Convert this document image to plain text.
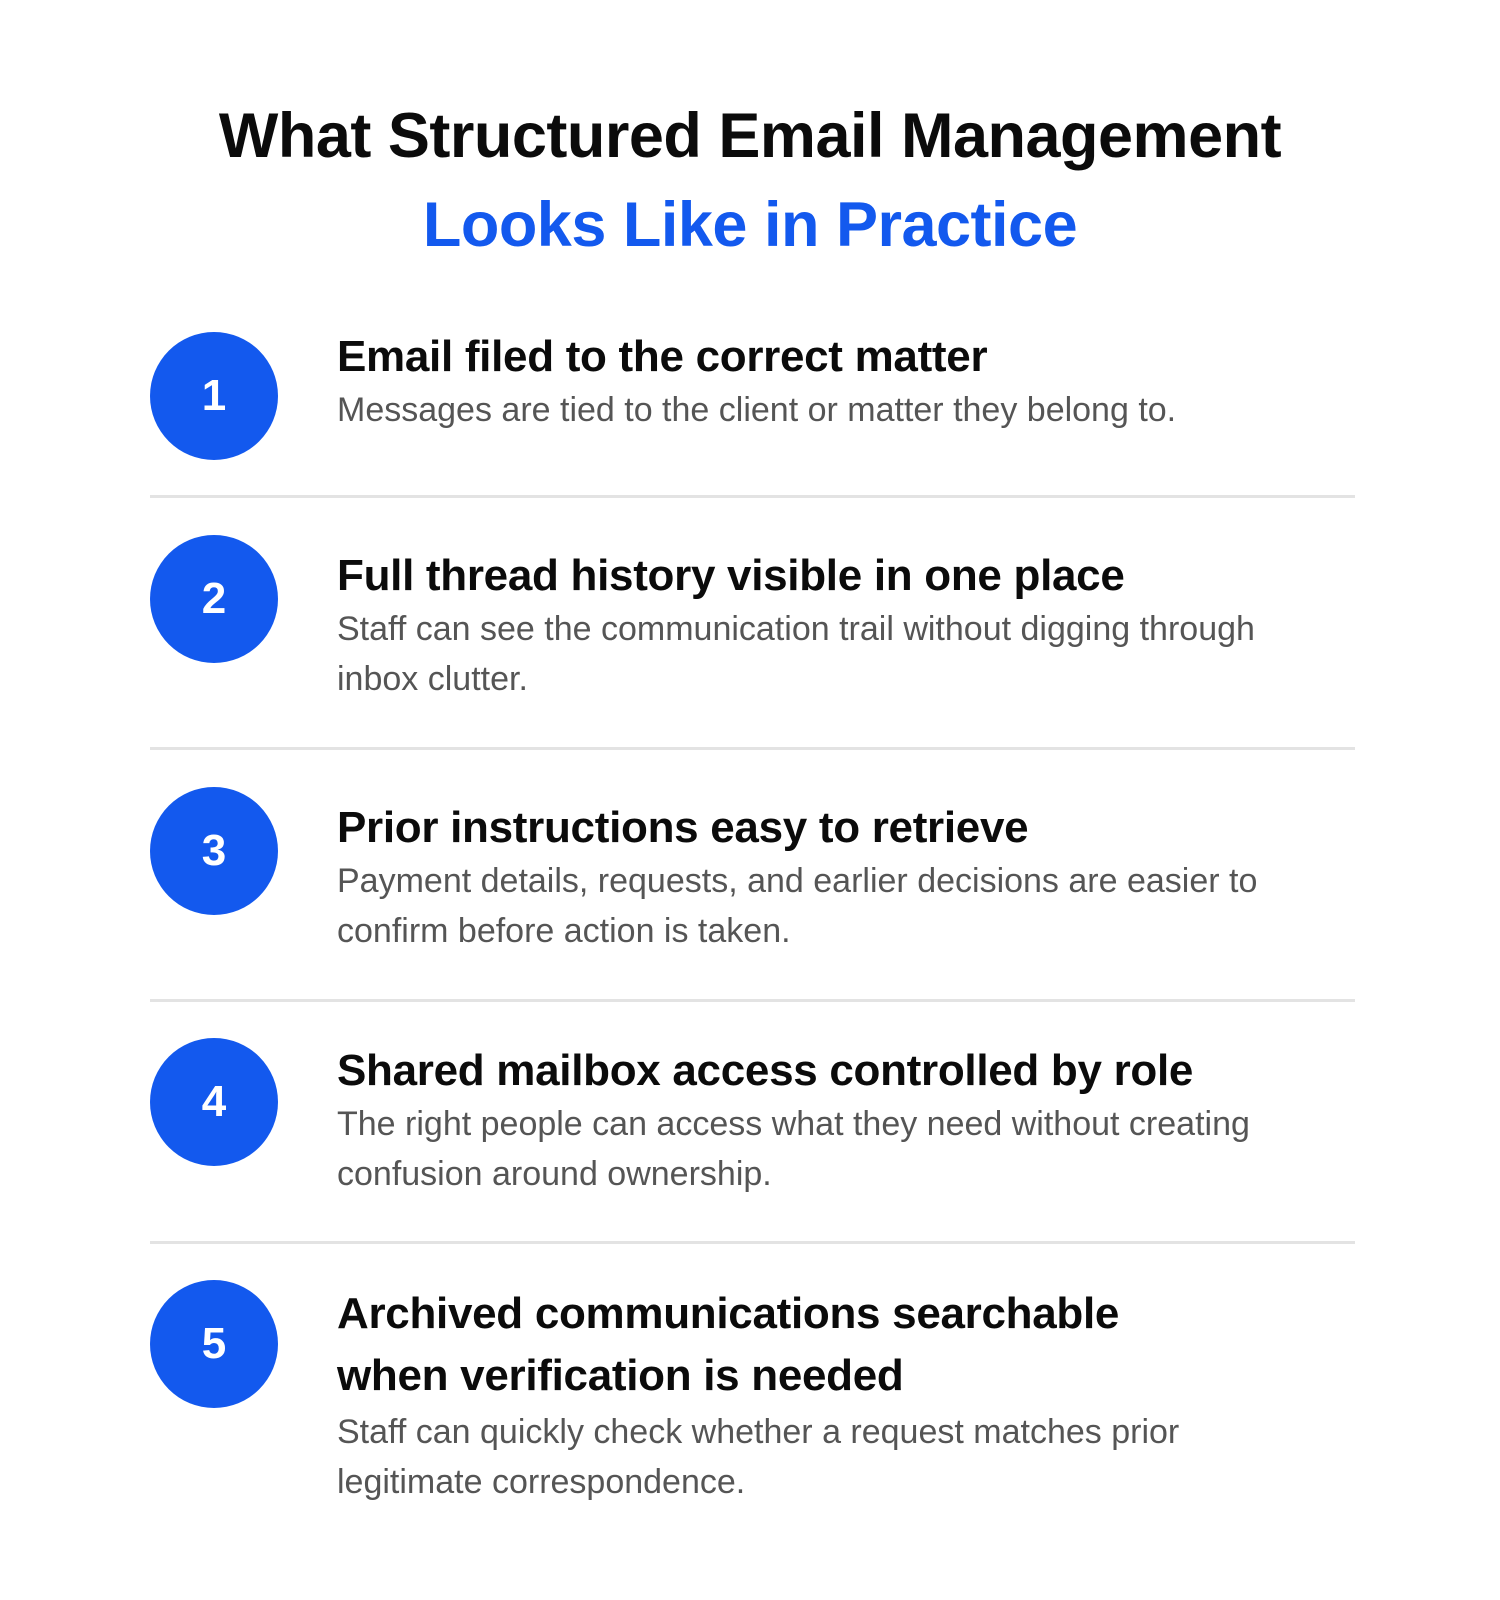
What Structured Email Management
Looks Like in Practice
1
Email filed to the correct matter
Messages are tied to the client or matter they belong to.
2	Full thread history visible in one place
Staff can see the communication trail without digging through inbox clutter.
3	Prior instructions easy to retrieve
Payment details, requests, and earlier decisions are easier to confirm before action is taken.
4
Shared mailbox access controlled by role
The right people can access what they need without creating confusion around ownership.
5
Archived communications searchable when verification is needed
Staff can quickly check whether a request matches prior legitimate correspondence.
